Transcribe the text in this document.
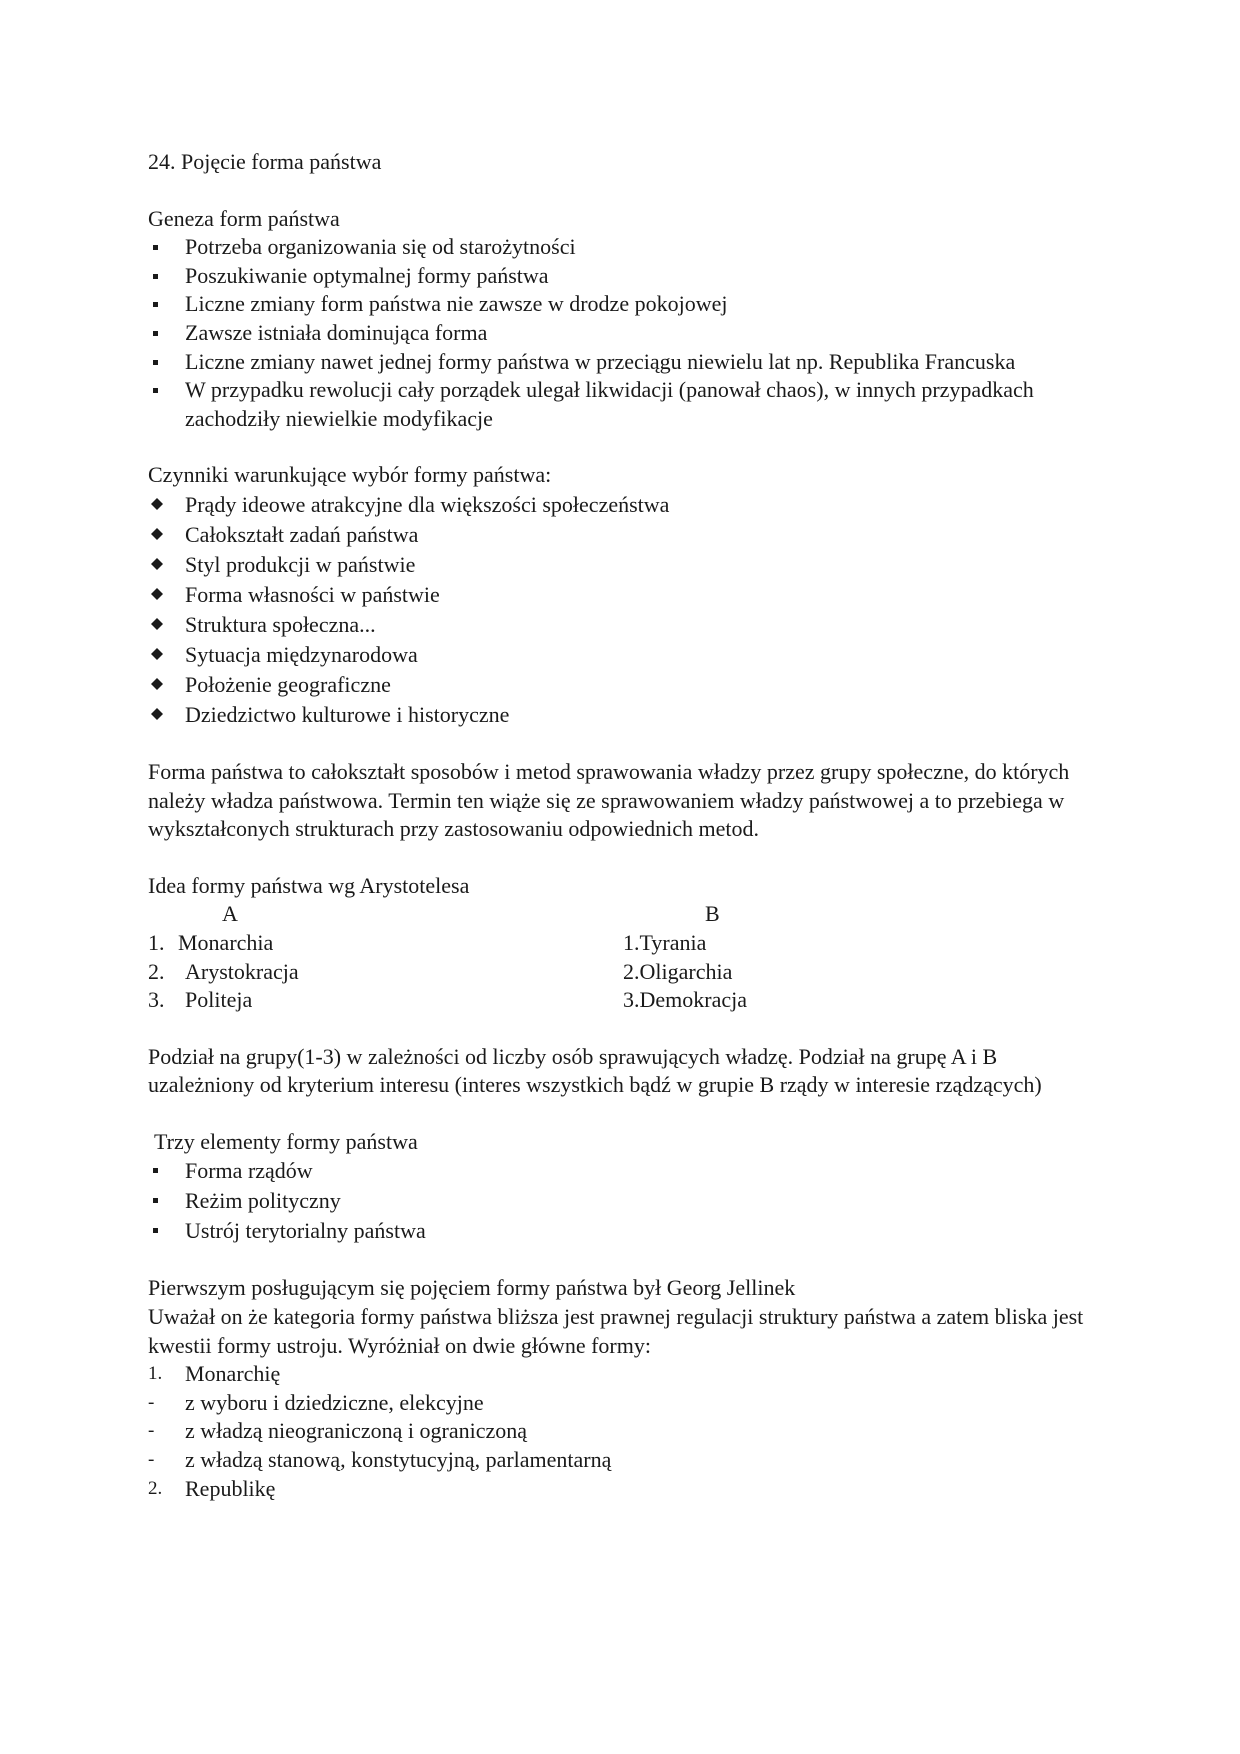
24. Pojęcie forma państwa

Geneza form państwa

Potrzeba organizowania się od starożytności
Poszukiwanie optymalnej formy państwa
Liczne zmiany form państwa nie zawsze w drodze pokojowej
Zawsze istniała dominująca forma
Liczne zmiany nawet jednej formy państwa w przeciągu niewielu lat np. Republika Francuska
W przypadku rewolucji cały porządek ulegał likwidacji (panował chaos), w innych przypadkach zachodziły niewielkie modyfikacje

Czynniki warunkujące wybór formy państwa:

Prądy ideowe atrakcyjne dla większości społeczeństwa
Całokształt zadań państwa
Styl produkcji w państwie
Forma własności w państwie
Struktura społeczna...
Sytuacja międzynarodowa
Położenie geograficzne
Dziedzictwo kulturowe i historyczne

Forma państwa to całokształt sposobów i metod sprawowania władzy przez grupy społeczne, do których należy władza państwowa. Termin ten wiąże się ze sprawowaniem władzy państwowej a to przebiega w wykształconych strukturach przy zastosowaniu odpowiednich metod.

Idea formy państwa wg Arystotelesa

A
1. Monarchia
2. Arystokracja
3. Politeja
B
1.Tyrania
2.Oligarchia
3.Demokracja

Podział na grupy(1-3) w zależności od liczby osób sprawujących władzę. Podział na grupę A i B uzależniony od kryterium interesu (interes wszystkich bądź w grupie B rządy w interesie rządzących)

Trzy elementy formy państwa

Forma rządów
Reżim polityczny
Ustrój terytorialny państwa

Pierwszym posługującym się pojęciem formy państwa był Georg Jellinek

Uważał on że kategoria formy państwa bliższa jest prawnej regulacji struktury państwa a zatem bliska jest kwestii formy ustroju. Wyróżniał on dwie główne formy:

1. Monarchię
- z wyboru i dziedziczne, elekcyjne
- z władzą nieograniczoną i ograniczoną
- z władzą stanową, konstytucyjną, parlamentarną
2. Republikę
